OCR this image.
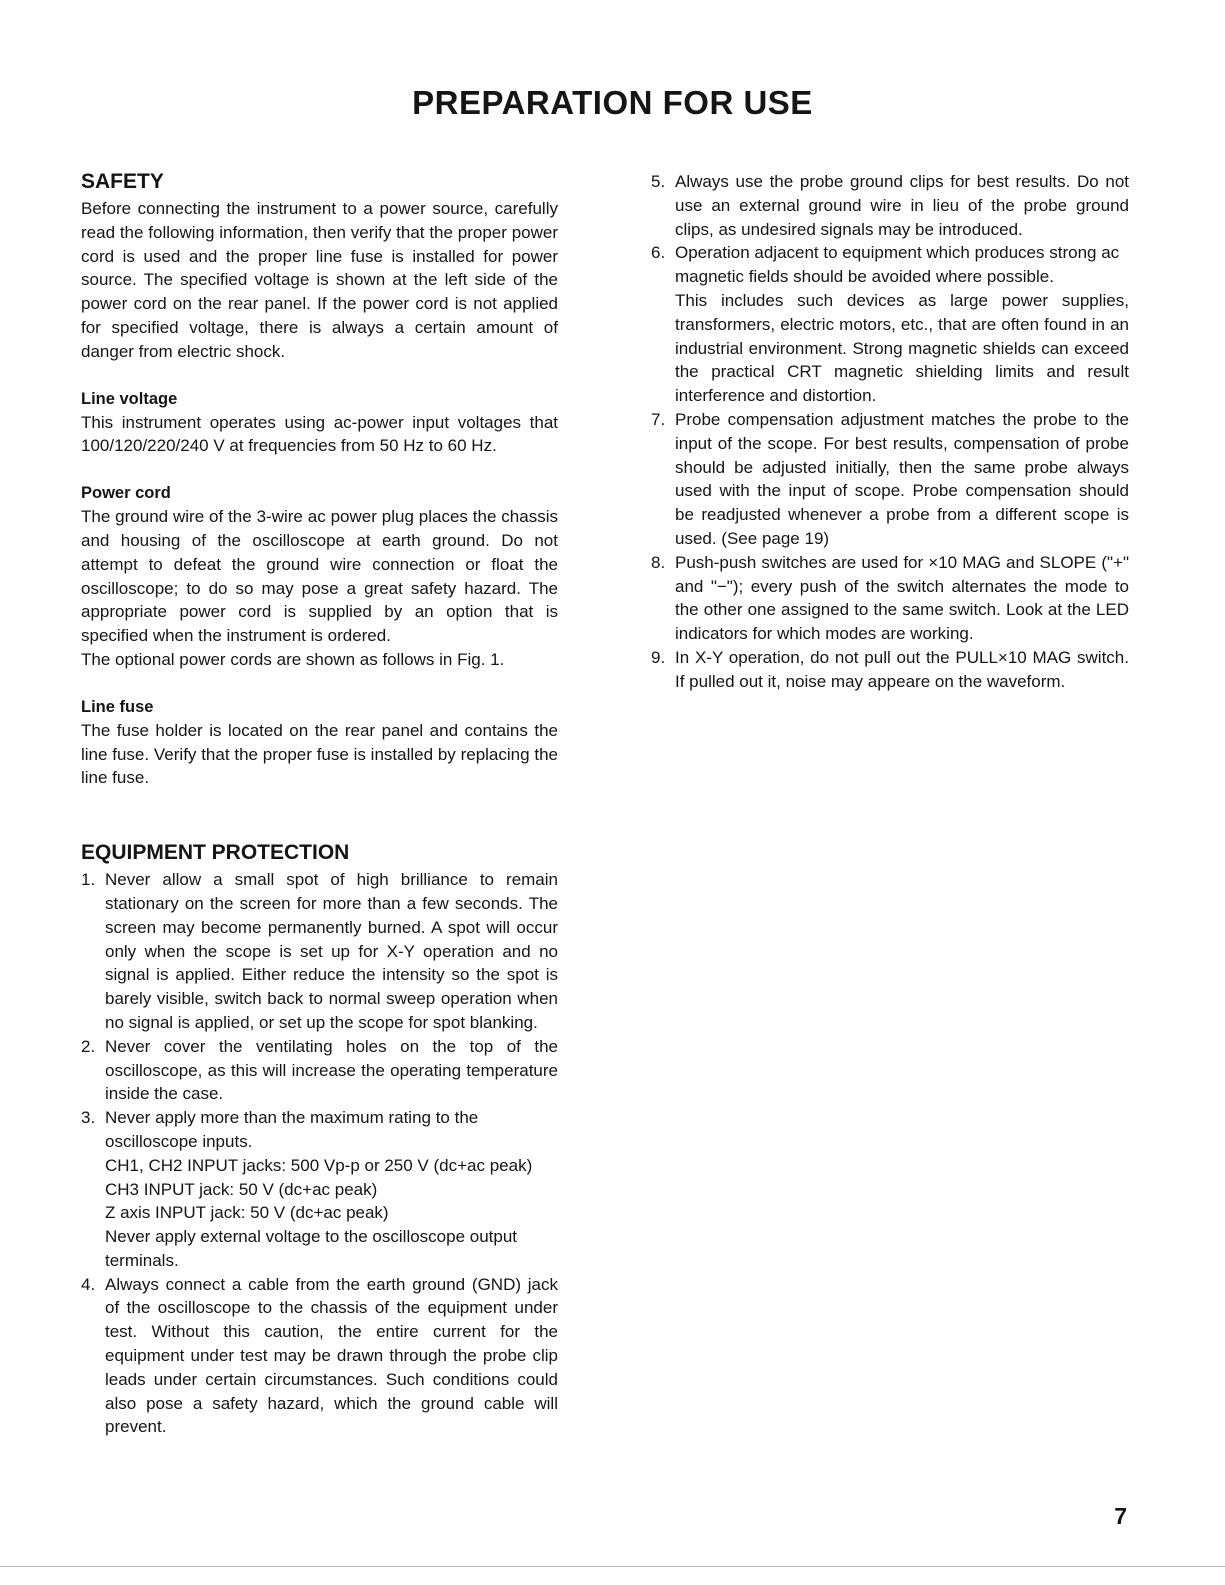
PREPARATION FOR USE
SAFETY

Before connecting the instrument to a power source, carefully read the following information, then verify that the proper power cord is used and the proper line fuse is installed for power source. The specified voltage is shown at the left side of the power cord on the rear panel. If the power cord is not applied for specified voltage, there is always a certain amount of danger from electric shock.

Line voltage

This instrument operates using ac-power input voltages that 100/120/220/240 V at frequencies from 50 Hz to 60 Hz.

Power cord

The ground wire of the 3-wire ac power plug places the chassis and housing of the oscilloscope at earth ground. Do not attempt to defeat the ground wire connection or float the oscilloscope; to do so may pose a great safety hazard. The appropriate power cord is supplied by an option that is specified when the instrument is ordered.

The optional power cords are shown as follows in Fig. 1.

Line fuse

The fuse holder is located on the rear panel and contains the line fuse. Verify that the proper fuse is installed by replacing the line fuse.

EQUIPMENT PROTECTION
1. Never allow a small spot of high brilliance to remain stationary on the screen for more than a few seconds. The screen may become permanently burned. A spot will occur only when the scope is set up for X-Y operation and no signal is applied. Either reduce the intensity so the spot is barely visible, switch back to normal sweep operation when no signal is applied, or set up the scope for spot blanking.
2. Never cover the ventilating holes on the top of the oscilloscope, as this will increase the operating temperature inside the case.
3. Never apply more than the maximum rating to the oscilloscope inputs.
CH1, CH2 INPUT jacks: 500 Vp-p or 250 V (dc+ac peak)
CH3 INPUT jack: 50 V (dc+ac peak)
Z axis INPUT jack: 50 V (dc+ac peak)
Never apply external voltage to the oscilloscope output terminals.
4. Always connect a cable from the earth ground (GND) jack of the oscilloscope to the chassis of the equipment under test. Without this caution, the entire current for the equipment under test may be drawn through the probe clip leads under certain circumstances. Such conditions could also pose a safety hazard, which the ground cable will prevent.
5. Always use the probe ground clips for best results. Do not use an external ground wire in lieu of the probe ground clips, as undesired signals may be introduced.
6. Operation adjacent to equipment which produces strong ac magnetic fields should be avoided where possible.
This includes such devices as large power supplies, transformers, electric motors, etc., that are often found in an industrial environment. Strong magnetic shields can exceed the practical CRT magnetic shielding limits and result interference and distortion.
7. Probe compensation adjustment matches the probe to the input of the scope. For best results, compensation of probe should be adjusted initially, then the same probe always used with the input of scope. Probe compensation should be readjusted whenever a probe from a different scope is used. (See page 19)
8. Push-push switches are used for ×10 MAG and SLOPE ("+" and "−"); every push of the switch alternates the mode to the other one assigned to the same switch. Look at the LED indicators for which modes are working.
9. In X-Y operation, do not pull out the PULL×10 MAG switch. If pulled out it, noise may appeare on the waveform.

7
